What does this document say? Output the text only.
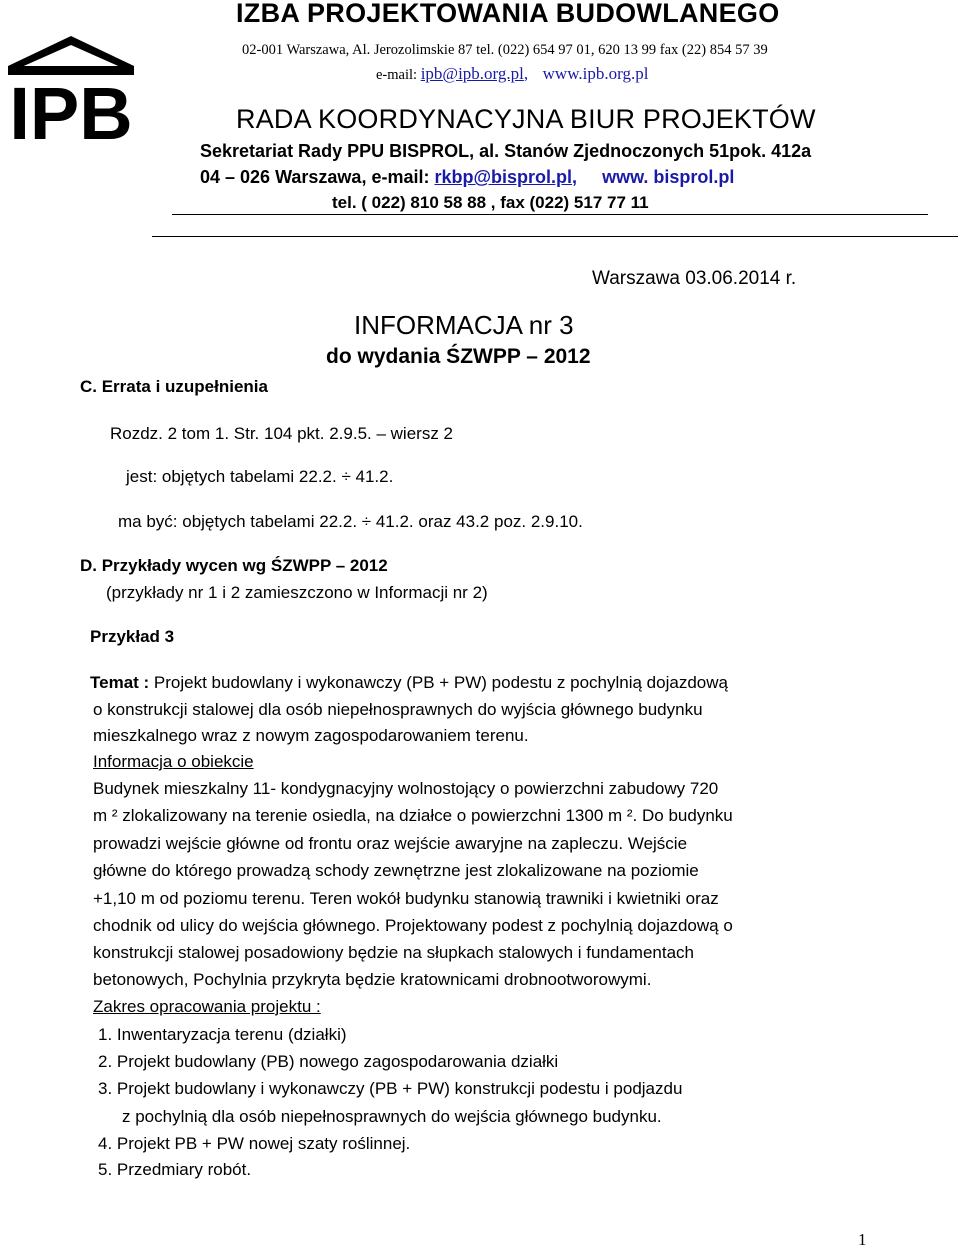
IPB
IZBA PROJEKTOWANIA BUDOWLANEGO
02-001 Warszawa, Al. Jerozolimskie 87 tel. (022) 654 97 01, 620 13 99 fax (22) 854 57 39
e-mail: ipb@ipb.org.pl, www.ipb.org.pl
RADA KOORDYNACYJNA BIUR PROJEKTÓW
Sekretariat Rady PPU BISPROL, al. Stanów Zjednoczonych 51pok. 412a
04 – 026 Warszawa, e-mail: rkbp@bisprol.pl, www. bisprol.pl
tel. ( 022) 810 58 88 , fax (022) 517 77 11
Warszawa 03.06.2014 r.
INFORMACJA nr 3
do wydania ŚZWPP – 2012
C. Errata i uzupełnienia
Rozdz. 2 tom 1. Str. 104 pkt. 2.9.5. – wiersz 2
jest: objętych tabelami 22.2. ÷ 41.2.
ma być: objętych tabelami 22.2. ÷ 41.2. oraz 43.2 poz. 2.9.10.
D. Przykłady wycen wg ŚZWPP – 2012
(przykłady nr 1 i 2 zamieszczono w Informacji nr 2)
Przykład 3
Temat : Projekt budowlany i wykonawczy (PB + PW) podestu z pochylnią dojazdową
o konstrukcji stalowej dla osób niepełnosprawnych do wyjścia głównego budynku
mieszkalnego wraz z nowym zagospodarowaniem terenu.
Informacja o obiekcie
Budynek mieszkalny 11- kondygnacyjny wolnostojący o powierzchni zabudowy 720
m ² zlokalizowany na terenie osiedla, na działce o powierzchni 1300 m ². Do budynku
prowadzi wejście główne od frontu oraz wejście awaryjne na zapleczu. Wejście
główne do którego prowadzą schody zewnętrzne jest zlokalizowane na poziomie
+1,10 m od poziomu terenu. Teren wokół budynku stanowią trawniki i kwietniki oraz
chodnik od ulicy do wejścia głównego. Projektowany podest z pochylnią dojazdową o
konstrukcji stalowej posadowiony będzie na słupkach stalowych i fundamentach
betonowych, Pochylnia przykryta będzie kratownicami drobnootworowymi.
Zakres opracowania projektu :
1. Inwentaryzacja terenu (działki)
2. Projekt budowlany (PB) nowego zagospodarowania działki
3. Projekt budowlany i wykonawczy (PB + PW) konstrukcji podestu i podjazdu
z pochylnią dla osób niepełnosprawnych do wejścia głównego budynku.
4. Projekt PB + PW nowej szaty roślinnej.
5. Przedmiary robót.
1
